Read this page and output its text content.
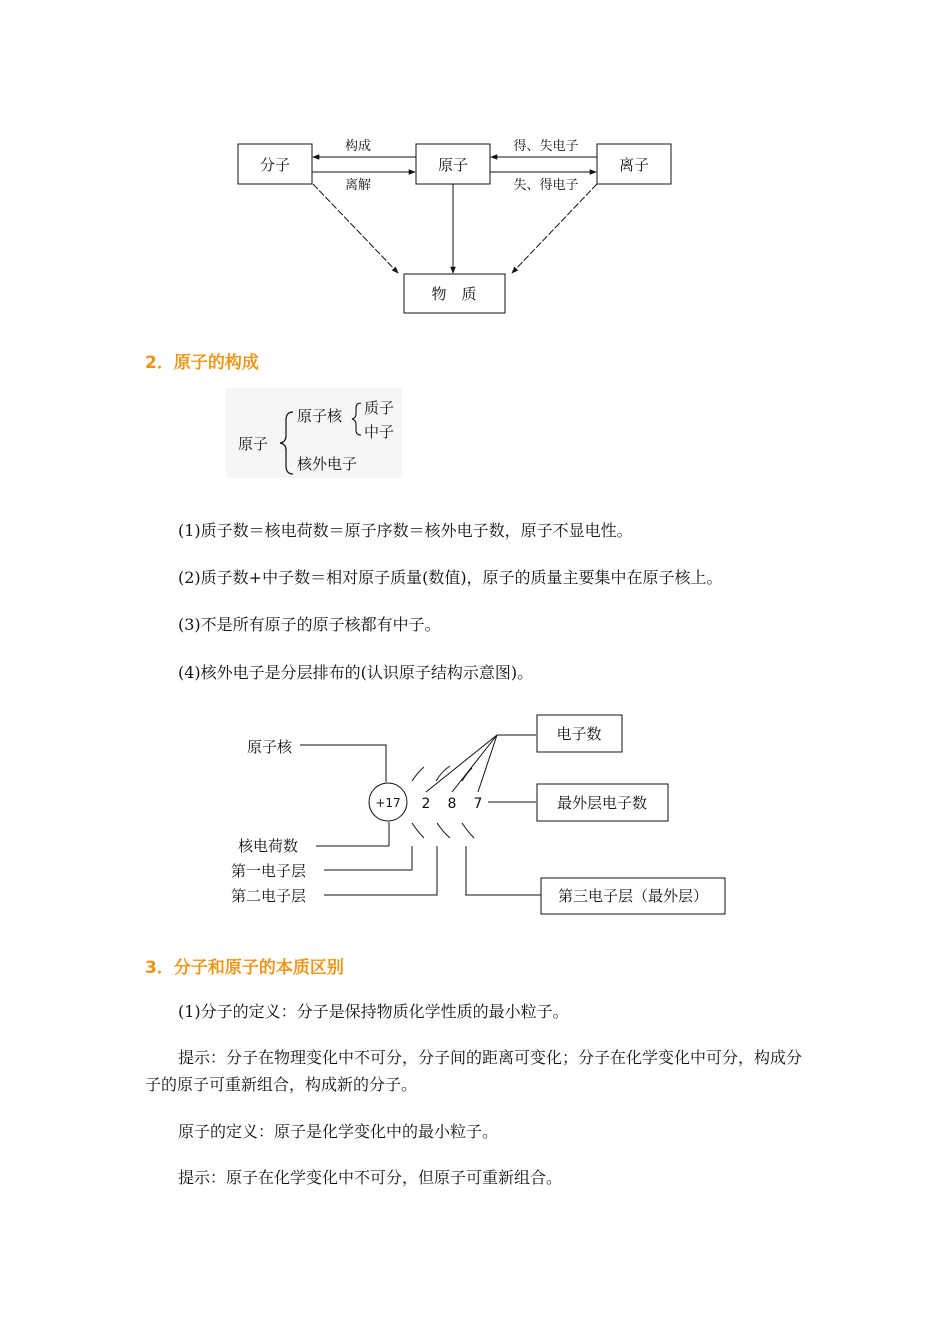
分子	原子	离子
物　质
构成
离解
得、失电子
失、得电子
2．原子的构成
原子
原子核 质子
中子
核外电子
(1)质子数＝核电荷数＝原子序数＝核外电子数，原子不显电性。
(2)质子数+中子数＝相对原子质量(数值)，原子的质量主要集中在原子核上。
(3)不是所有原子的原子核都有中子。
(4)核外电子是分层排布的(认识原子结构示意图)。
原子核
核电荷数
第一电子层
第二电子层
+17 2 8 7
电子数
最外层电子数
第三电子层（最外层）
3．分子和原子的本质区别
(1)分子的定义：分子是保持物质化学性质的最小粒子。
提示：分子在物理变化中不可分，分子间的距离可变化；分子在化学变化中可分，构成分子的原子可重新组合，构成新的分子。
原子的定义：原子是化学变化中的最小粒子。
提示：原子在化学变化中不可分，但原子可重新组合。
